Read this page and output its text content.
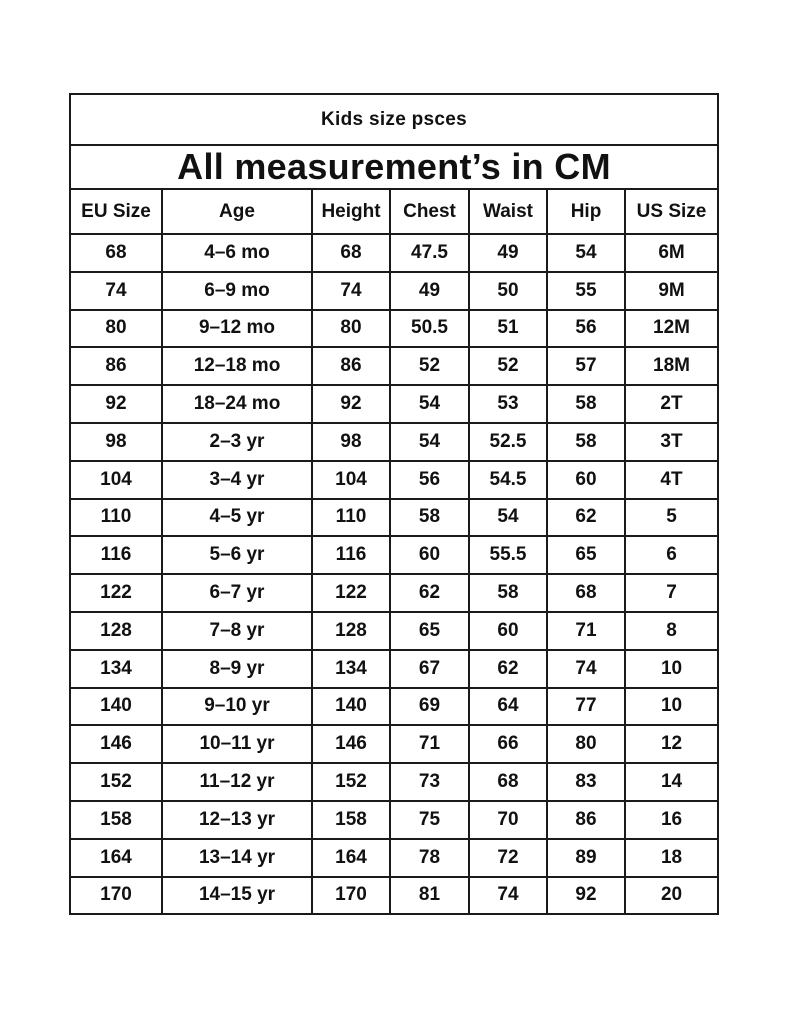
Kids size psces						
All measurement’s in CM						
EU Size	Age	Height	Chest	Waist	Hip	US Size
68	4–6 mo	68	47.5	49	54	6M
74	6–9 mo	74	49	50	55	9M
80	9–12 mo	80	50.5	51	56	12M
86	12–18 mo	86	52	52	57	18M
92	18–24 mo	92	54	53	58	2T
98	2–3 yr	98	54	52.5	58	3T
104	3–4 yr	104	56	54.5	60	4T
110	4–5 yr	110	58	54	62	5
116	5–6 yr	116	60	55.5	65	6
122	6–7 yr	122	62	58	68	7
128	7–8 yr	128	65	60	71	8
134	8–9 yr	134	67	62	74	10
140	9–10 yr	140	69	64	77	10
146	10–11 yr	146	71	66	80	12
152	11–12 yr	152	73	68	83	14
158	12–13 yr	158	75	70	86	16
164	13–14 yr	164	78	72	89	18
170	14–15 yr	170	81	74	92	20
